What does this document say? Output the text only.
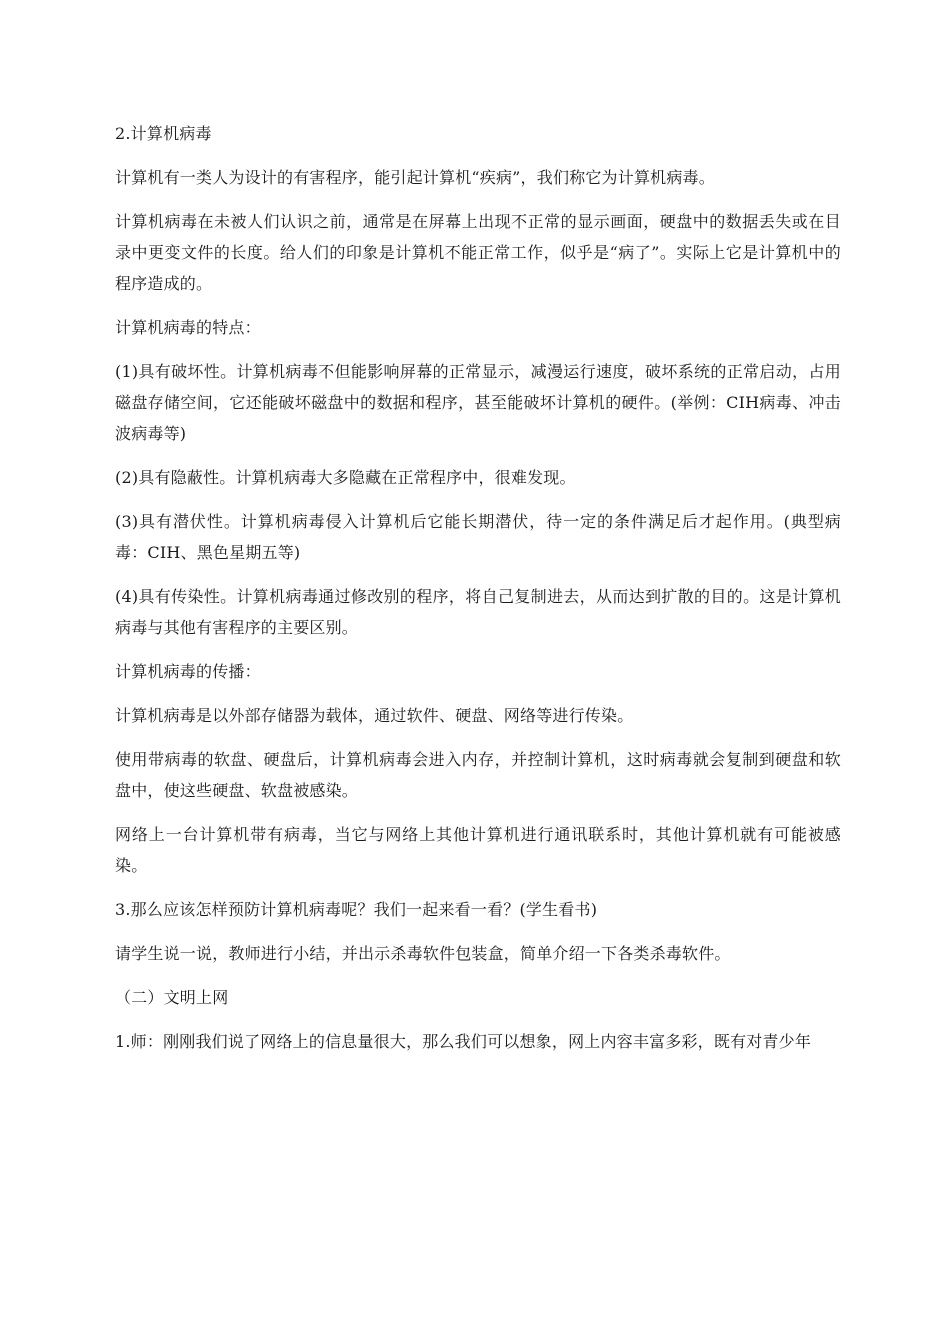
2.计算机病毒

计算机有一类人为设计的有害程序，能引起计算机“疾病”，我们称它为计算机病毒。

计算机病毒在未被人们认识之前，通常是在屏幕上出现不正常的显示画面，硬盘中的数据丢失或在目录中更变文件的长度。给人们的印象是计算机不能正常工作，似乎是“病了”。实际上它是计算机中的程序造成的。

计算机病毒的特点：

(1)具有破坏性。计算机病毒不但能影响屏幕的正常显示，减漫运行速度，破坏系统的正常启动，占用磁盘存储空间，它还能破坏磁盘中的数据和程序，甚至能破坏计算机的硬件。(举例：CIH病毒、冲击波病毒等)

(2)具有隐蔽性。计算机病毒大多隐藏在正常程序中，很难发现。

(3)具有潜伏性。计算机病毒侵入计算机后它能长期潜伏，待一定的条件满足后才起作用。(典型病毒：CIH、黑色星期五等)

(4)具有传染性。计算机病毒通过修改别的程序，将自己复制进去，从而达到扩散的目的。这是计算机病毒与其他有害程序的主要区别。

计算机病毒的传播：

计算机病毒是以外部存储器为载体，通过软件、硬盘、网络等进行传染。

使用带病毒的软盘、硬盘后，计算机病毒会进入内存，并控制计算机，这时病毒就会复制到硬盘和软盘中，使这些硬盘、软盘被感染。

网络上一台计算机带有病毒，当它与网络上其他计算机进行通讯联系时，其他计算机就有可能被感染。

3.那么应该怎样预防计算机病毒呢？我们一起来看一看？(学生看书)

请学生说一说，教师进行小结，并出示杀毒软件包装盒，简单介绍一下各类杀毒软件。

（二）文明上网

1.师：刚刚我们说了网络上的信息量很大，那么我们可以想象，网上内容丰富多彩，既有对青少年
